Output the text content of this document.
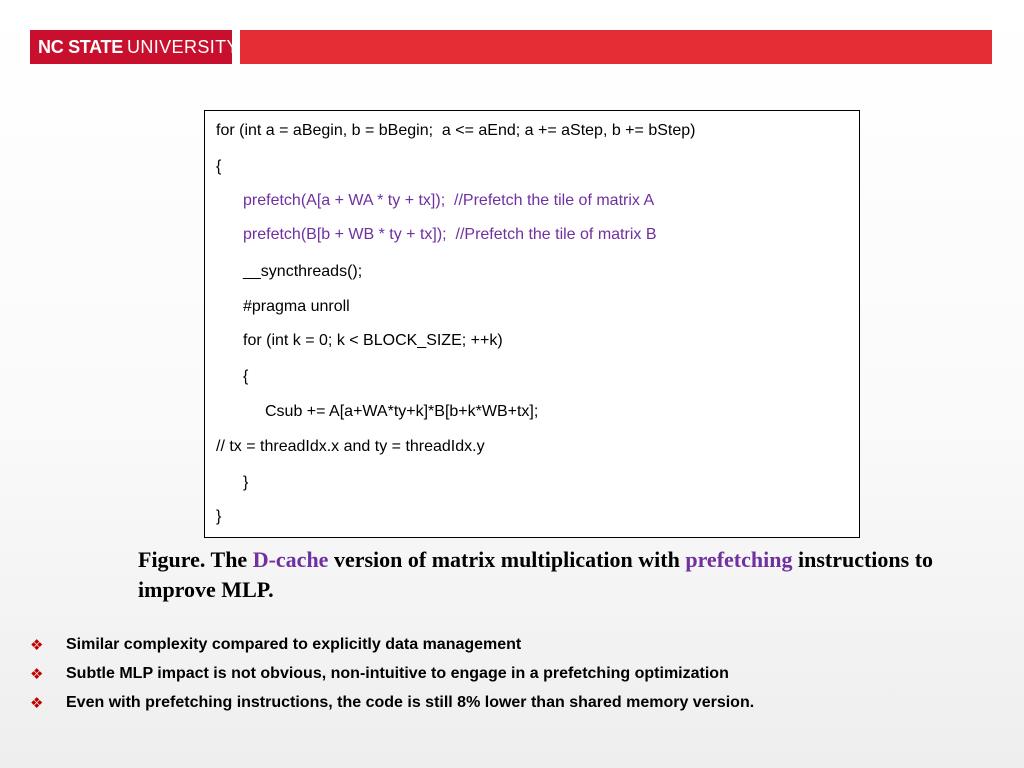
NC STATE UNIVERSITY
for (int a = aBegin, b = bBegin;  a <= aEnd; a += aStep, b += bStep)
{
prefetch(A[a + WA * ty + tx]);  //Prefetch the tile of matrix A
prefetch(B[b + WB * ty + tx]);  //Prefetch the tile of matrix B
__syncthreads();
#pragma unroll
for (int k = 0; k < BLOCK_SIZE; ++k)
{
Csub += A[a+WA*ty+k]*B[b+k*WB+tx];
// tx = threadIdx.x and ty = threadIdx.y
}
}
Figure. The D-cache version of matrix multiplication with prefetching instructions to improve MLP.
❖	Similar complexity compared to explicitly data management
❖	Subtle MLP impact is not obvious, non-intuitive to engage in a prefetching optimization
❖	Even with prefetching instructions, the code is still 8% lower than shared memory version.
